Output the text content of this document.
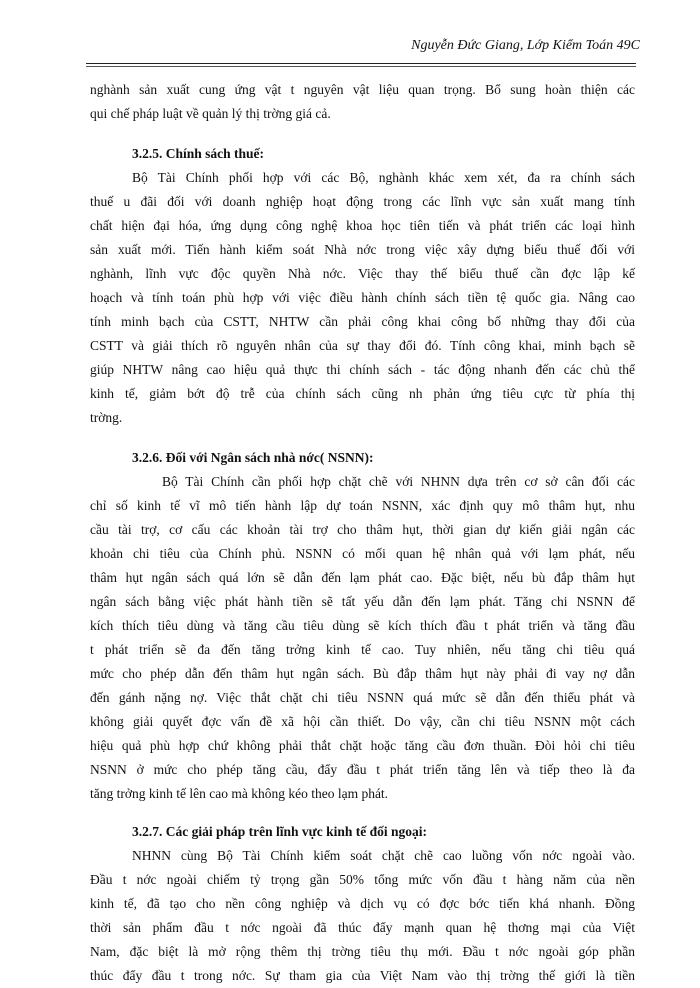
Nguyễn Đức Giang, Lớp Kiểm Toán 49C
nghành sản xuất cung ứng vật t nguyên vật liệu quan trọng. Bổ sung hoàn thiện các
qui chế pháp luật về quản lý thị trờng giá cả.
3.2.5. Chính sách thuế:
Bộ Tài Chính phối hợp với các Bộ, nghành khác xem xét, đa ra chính sách
thuế u đãi đối với doanh nghiệp hoạt động trong các lĩnh vực sản xuất mang tính
chất hiện đại hóa, ứng dụng công nghệ khoa học tiên tiến và phát triển các loại hình
sản xuất mới. Tiến hành kiểm soát Nhà nớc trong việc xây dựng biểu thuế đối với
nghành, lĩnh vực độc quyền Nhà nớc. Việc thay thế biểu thuế cần đợc lập kế
hoạch và tính toán phù hợp với việc điều hành chính sách tiền tệ quốc gia. Nâng cao
tính minh bạch của CSTT, NHTW cần phải công khai công bố những thay đổi của
CSTT và giải thích rõ nguyên nhân của sự thay đổi đó. Tính công khai, minh bạch sẽ
giúp NHTW nâng cao hiệu quả thực thi chính sách - tác động nhanh đến các chủ thể
kinh tế, giảm bớt độ trễ của chính sách cũng nh phản ứng tiêu cực từ phía thị
trờng.
3.2.6. Đối với Ngân sách nhà nớc( NSNN):
Bộ Tài Chính cần phối hợp chặt chẽ với NHNN dựa trên cơ sở cân đối các
chỉ số kinh tế vĩ mô tiến hành lập dự toán NSNN, xác định quy mô thâm hụt, nhu
cầu tài trợ, cơ cấu các khoản tài trợ cho thâm hụt, thời gian dự kiến giải ngân các
khoản chi tiêu của Chính phủ. NSNN có mối quan hệ nhân quả với lạm phát, nếu
thâm hụt ngân sách quá lớn sẽ dẫn đến lạm phát cao. Đặc biệt, nếu bù đắp thâm hụt
ngân sách bằng việc phát hành tiền sẽ tất yếu dẫn đến lạm phát. Tăng chi NSNN để
kích thích tiêu dùng và tăng cầu tiêu dùng sẽ kích thích đầu t phát triển và tăng đầu
t phát triển sẽ đa đến tăng trởng kinh tế cao. Tuy nhiên, nếu tăng chi tiêu quá
mức cho phép dẫn đến thâm hụt ngân sách. Bù đắp thâm hụt này phải đi vay nợ dẫn
đến gánh nặng nợ. Việc thắt chặt chi tiêu NSNN quá mức sẽ dẫn đến thiểu phát và
không giải quyết đợc vấn đề xã hội cần thiết. Do vậy, cần chi tiêu NSNN một cách
hiệu quả phù hợp chứ không phải thắt chặt hoặc tăng cầu đơn thuần. Đòi hỏi chi tiêu
NSNN ở mức cho phép tăng cầu, đẩy đầu t phát triển tăng lên và tiếp theo là đa
tăng trởng kinh tế lên cao mà không kéo theo lạm phát.
3.2.7. Các giải pháp trên lĩnh vực kinh tế đối ngoại:
NHNN cùng Bộ Tài Chính kiểm soát chặt chẽ cao luồng vốn nớc ngoài vào.
Đầu t nớc ngoài chiếm tỷ trọng gần 50% tổng mức vốn đầu t hàng năm của nền
kinh tế, đã tạo cho nền công nghiệp và dịch vụ có đợc bớc tiến khá nhanh. Đồng
thời sản phẩm đầu t nớc ngoài đã thúc đẩy mạnh quan hệ thơng mại của Việt
Nam, đặc biệt là mở rộng thêm thị trờng tiêu thụ mới. Đầu t nớc ngoài góp phần
thúc đẩy đầu t trong nớc. Sự tham gia của Việt Nam vào thị trờng thế giới là tiền
